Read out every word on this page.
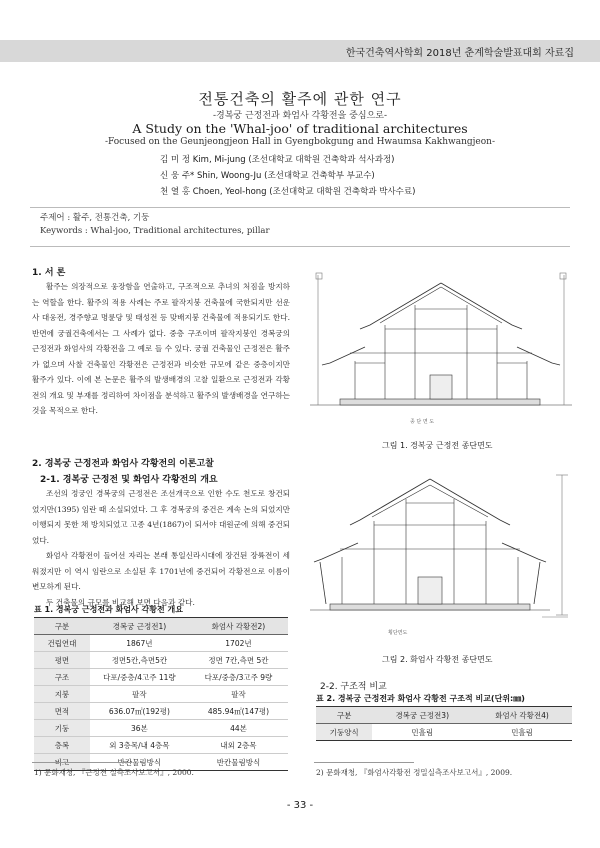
한국건축역사학회 2018년 춘계학술발표대회 자료집
전통건축의 활주에 관한 연구
-경복궁 근정전과 화엄사 각황전을 중심으로-
A Study on the 'Whal-joo' of traditional architectures
-Focused on the Geunjeongjeon Hall in Gyengbokgung and Hwaumsa Kakhwangjeon-
김 미 정 Kim, Mi-jung (조선대학교 대학원 건축학과 석사과정)
신 웅 주* Shin, Woong-Ju (조선대학교 건축학부 부교수)
천 열 홍 Choen, Yeol-hong (조선대학교 대학원 건축학과 박사수료)
주제어 : 활주, 전통건축, 기둥
Keywords : Whal-joo, Traditional architectures, pillar
1. 서 론

활주는 의장적으로 웅장함을 연출하고, 구조적으로 추녀의 처짐을 방지하는 역할을 한다. 활주의 적용 사례는 주로 팔작지붕 건축물에 국한되지만 선운사 대웅전, 경주향교 명륜당 및 태성전 등 맞배지붕 건축물에 적용되기도 한다. 반면에 궁궐건축에서는 그 사례가 없다. 중층 구조이며 팔작지붕인 경복궁의 근정전과 화엄사의 각황전을 그 예로 들 수 있다. 궁궐 건축물인 근정전은 활주가 없으며 사찰 건축물인 각황전은 근정전과 비슷한 규모에 같은 중층이지만 활주가 있다. 이에 본 논문은 활주의 발생배경의 고찰 일환으로 근정전과 각황전의 개요 및 부재를 정리하여 차이점을 분석하고 활주의 발생배경을 연구하는 것을 목적으로 한다.

2. 경복궁 근정전과 화엄사 각황전의 이론고찰
2-1. 경복궁 근정전 및 화엄사 각황전의 개요

조선의 정궁인 경복궁의 근정전은 조선개국으로 인한 수도 천도로 창건되었지만(1395) 임란 때 소실되었다. 그 후 경복궁의 중건은 계속 논의 되었지만 이행되지 못한 채 방치되었고 고종 4년(1867)이 되서야 대원군에 의해 중건되었다.

화엄사 각황전이 들어선 자리는 본래 통일신라시대에 장건된 장륙전이 세워졌지만 이 역시 임란으로 소실된 후 1701년에 중건되어 각황전으로 이름이 변모하게 된다.

두 건축물의 규모를 비교해 보면 다음과 같다.

표 1. 경복궁 근정전과 화엄사 각황전 개요
구분	경복궁 근정전1)	화엄사 각황전2)
건립연대	1867년	1702년
평면	정면5칸,측면5칸	정면 7칸,측면 5칸
구조	다포/중층/4고주 11량	다포/중층/3고주 9량
지붕	팔작	팔작
면적	636.07㎡(192평)	485.94㎡(147평)
기둥	36본	44본
층복	외 3층목/내 4층목	내외 2층목
비고	반칸물림방식	반칸물림방식
종 단 면 도
그림 1. 경복궁 근정전 종단면도
횡단면도
그림 2. 화엄사 각황전 종단면도
2-2. 구조적 비교
표 2. 경복궁 근정전과 화엄사 각황전 구조적 비교(단위:㎜)
구분	경복궁 근정전3)	화엄사 각황전4)
기둥양식	민흘림	민흘림
1) 문화재청, 『근정전 실측조사보고서』, 2000.	2) 문화재청, 『화엄사각황전 정밀실측조사보고서』, 2009.
- 33 -
